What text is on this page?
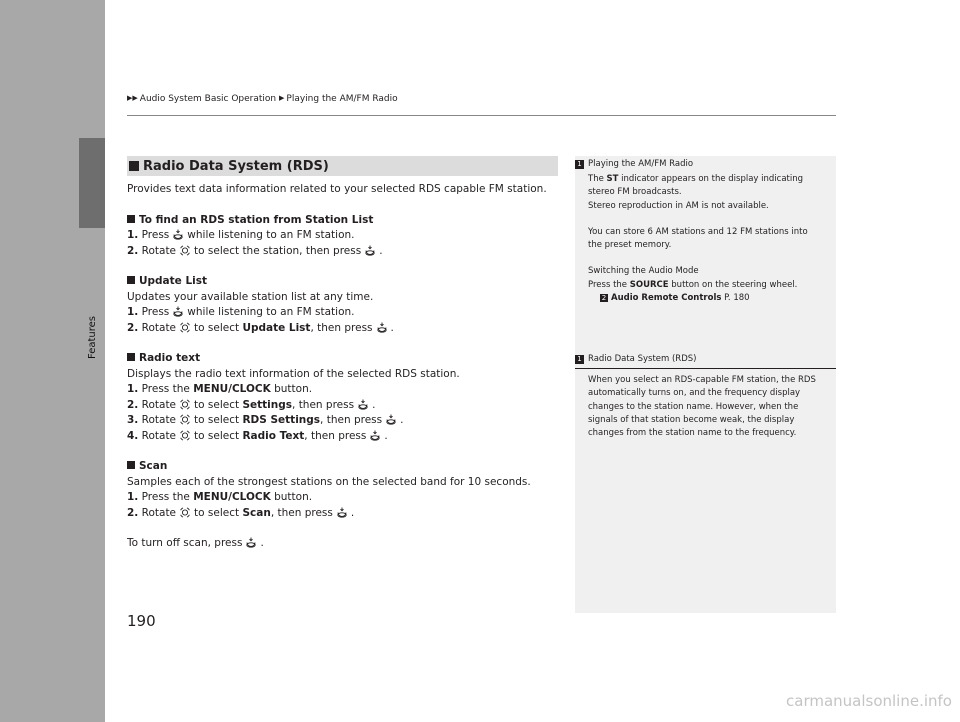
Features
▶▶ Audio System Basic Operation ▶ Playing the AM/FM Radio
Radio Data System (RDS)

Provides text data information related to your selected RDS capable FM station.

To find an RDS station from Station List

1. Press while listening to an FM station.

2. Rotate to select the station, then press .

Update List

Updates your available station list at any time.

1. Press while listening to an FM station.

2. Rotate to select Update List, then press .

Radio text

Displays the radio text information of the selected RDS station.

1. Press the MENU/CLOCK button.

2. Rotate to select Settings, then press .

3. Rotate to select RDS Settings, then press .

4. Rotate to select Radio Text, then press .

Scan

Samples each of the strongest stations on the selected band for 10 seconds.

1. Press the MENU/CLOCK button.

2. Rotate to select Scan, then press .

To turn off scan, press .

1 Playing the AM/FM Radio

The ST indicator appears on the display indicating

stereo FM broadcasts.

Stereo reproduction in AM is not available.

You can store 6 AM stations and 12 FM stations into

the preset memory.

Switching the Audio Mode

Press the SOURCE button on the steering wheel.

2 Audio Remote Controls P. 180

1 Radio Data System (RDS)

When you select an RDS-capable FM station, the RDS

automatically turns on, and the frequency display

changes to the station name. However, when the

signals of that station become weak, the display

changes from the station name to the frequency.

190
carmanualsonline.info
